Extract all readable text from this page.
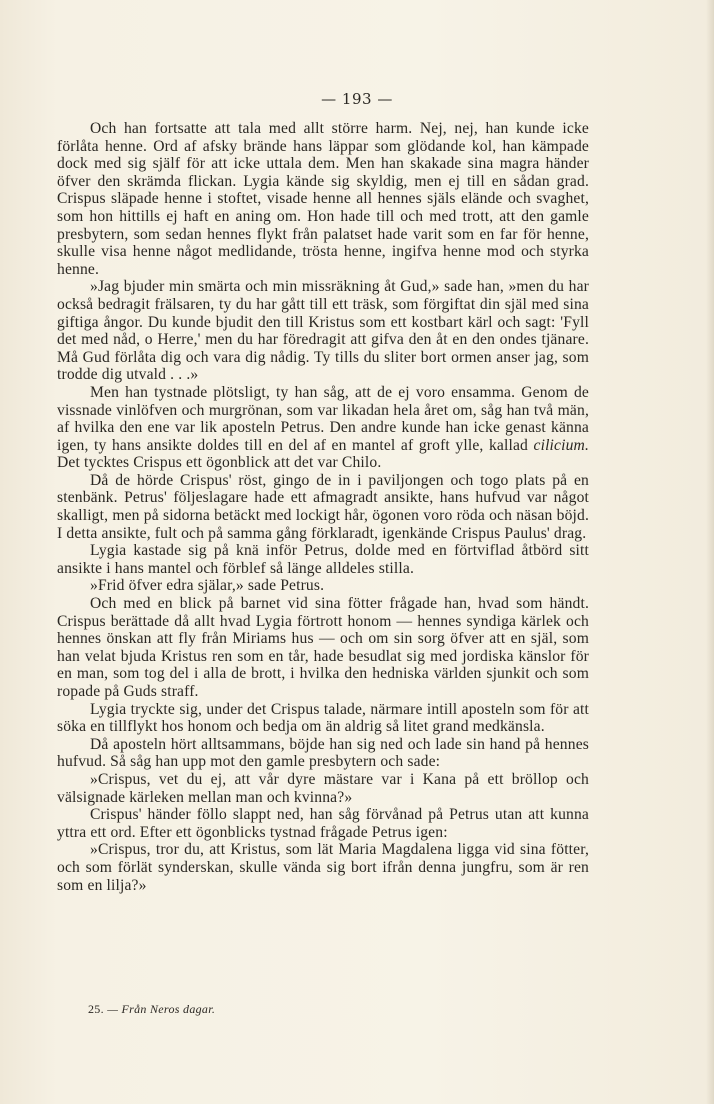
— 193 —

Och han fortsatte att tala med allt större harm. Nej, nej, han kunde icke förlåta henne. Ord af afsky brände hans läppar som glödande kol, han kämpade dock med sig själf för att icke uttala dem. Men han skakade sina magra händer öfver den skrämda flickan. Lygia kände sig skyldig, men ej till en sådan grad. Crispus släpade henne i stoftet, visade henne all hennes själs elände och svaghet, som hon hittills ej haft en aning om. Hon hade till och med trott, att den gamle presbytern, som sedan hennes flykt från palatset hade varit som en far för henne, skulle visa henne något medlidande, trösta henne, ingifva henne mod och styrka henne.

»Jag bjuder min smärta och min missräkning åt Gud,» sade han, »men du har också bedragit frälsaren, ty du har gått till ett träsk, som förgiftat din själ med sina giftiga ångor. Du kunde bjudit den till Kristus som ett kostbart kärl och sagt: 'Fyll det med nåd, o Herre,' men du har föredragit att gifva den åt en den ondes tjänare. Må Gud förlåta dig och vara dig nådig. Ty tills du sliter bort ormen anser jag, som trodde dig utvald . . .»

Men han tystnade plötsligt, ty han såg, att de ej voro ensamma. Genom de vissnade vinlöfven och murgrönan, som var likadan hela året om, såg han två män, af hvilka den ene var lik aposteln Petrus. Den andre kunde han icke genast känna igen, ty hans ansikte doldes till en del af en mantel af groft ylle, kallad cilicium. Det tycktes Crispus ett ögonblick att det var Chilo.

Då de hörde Crispus' röst, gingo de in i paviljongen och togo plats på en stenbänk. Petrus' följeslagare hade ett afmagradt ansikte, hans hufvud var något skalligt, men på sidorna betäckt med lockigt hår, ögonen voro röda och näsan böjd. I detta ansikte, fult och på samma gång förklaradt, igenkände Crispus Paulus' drag.

Lygia kastade sig på knä inför Petrus, dolde med en förtviflad åtbörd sitt ansikte i hans mantel och förblef så länge alldeles stilla.

»Frid öfver edra själar,» sade Petrus.

Och med en blick på barnet vid sina fötter frågade han, hvad som händt. Crispus berättade då allt hvad Lygia förtrott honom — hennes syndiga kärlek och hennes önskan att fly från Miriams hus — och om sin sorg öfver att en själ, som han velat bjuda Kristus ren som en tår, hade besudlat sig med jordiska känslor för en man, som tog del i alla de brott, i hvilka den hedniska världen sjunkit och som ropade på Guds straff.

Lygia tryckte sig, under det Crispus talade, närmare intill aposteln som för att söka en tillflykt hos honom och bedja om än aldrig så litet grand medkänsla.

Då aposteln hört alltsammans, böjde han sig ned och lade sin hand på hennes hufvud. Så såg han upp mot den gamle presbytern och sade:

»Crispus, vet du ej, att vår dyre mästare var i Kana på ett bröllop och välsignade kärleken mellan man och kvinna?»

Crispus' händer föllo slappt ned, han såg förvånad på Petrus utan att kunna yttra ett ord. Efter ett ögonblicks tystnad frågade Petrus igen:

»Crispus, tror du, att Kristus, som lät Maria Magdalena ligga vid sina fötter, och som förlät synderskan, skulle vända sig bort ifrån denna jungfru, som är ren som en lilja?»

25. — Från Neros dagar.
